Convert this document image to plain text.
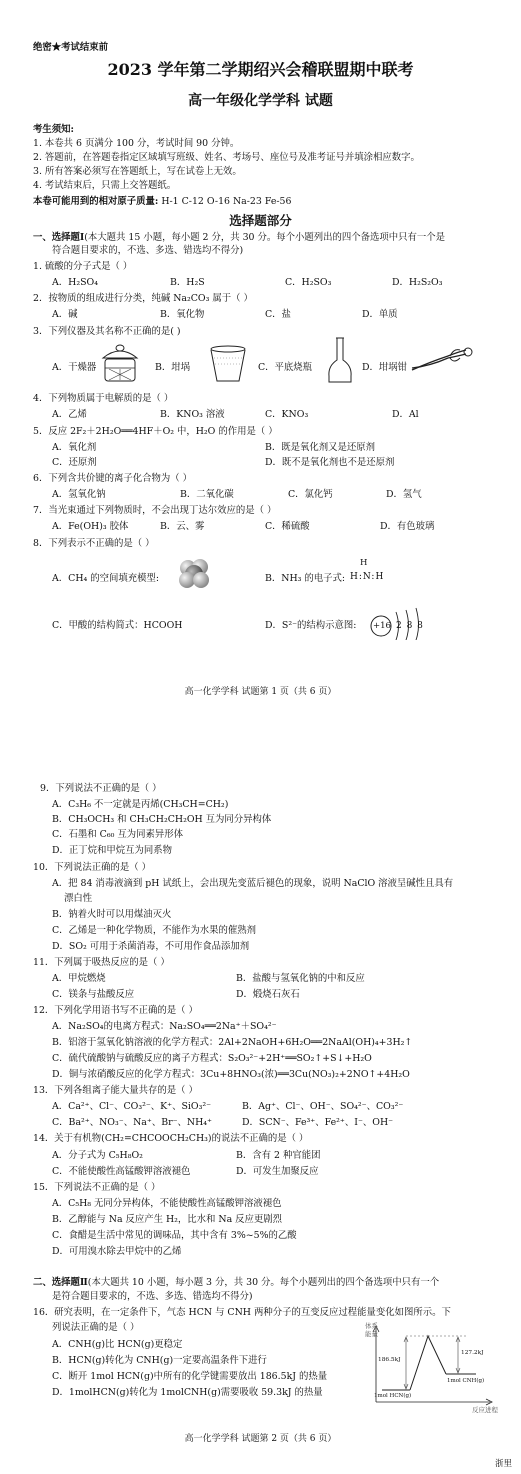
绝密★考试结束前
2023 学年第二学期绍兴会稽联盟期中联考
高一年级化学学科 试题
考生须知:
1. 本卷共 6 页满分 100 分，考试时间 90 分钟。
2. 答题前，在答题卷指定区域填写班级、姓名、考场号、座位号及准考证号并填涂相应数字。
3. 所有答案必须写在答题纸上，写在试卷上无效。
4. 考试结束后，只需上交答题纸。
本卷可能用到的相对原子质量: H-1 C-12 O-16 Na-23 Fe-56
选择题部分
一、选择题Ⅰ(本大题共 15 小题，每小题 2 分，共 30 分。每个小题列出的四个备选项中只有一个是
符合题目要求的，不选、多选、错选均不得分)
1. 硫酸的分子式是（ ）
A．H₂SO₄	B．H₂S	C．H₂SO₃	D．H₂S₂O₃
2．按物质的组成进行分类，纯碱 Na₂CO₃ 属于（ ）
A．碱	B．氧化物	C．盐	D．单质
3．下列仪器及其名称不正确的是( )
A．干燥器	B．坩埚	C．平底烧瓶	D．坩埚钳
4．下列物质属于电解质的是（ ）
A．乙烯	B．KNO₃ 溶液	C．KNO₃	D．Al
5．反应 2F₂＋2H₂O══4HF＋O₂ 中，H₂O 的作用是（ ）
A．氧化剂	B．既是氧化剂又是还原剂
C．还原剂	D．既不是氧化剂也不是还原剂
6．下列含共价键的离子化合物为（ ）
A．氢氧化钠	B．二氧化碳	C．氯化钙	D．氢气
7．当光束通过下列物质时，不会出现丁达尔效应的是（ ）
A．Fe(OH)₃ 胶体	B．云、雾	C．稀硫酸	D．有色玻璃
8．下列表示不正确的是（ ）
A．CH₄ 的空间填充模型:	B．NH₃ 的电子式:
H
H:N:H
C．甲酸的结构简式：HCOOH	D．S²⁻的结构示意图: +16 2 8 8
高一化学学科 试题第 1 页（共 6 页）
9．下列说法不正确的是（ ）
A．C₃H₆ 不一定就是丙烯(CH₃CH=CH₂)
B．CH₃OCH₃ 和 CH₃CH₂CH₂OH 互为同分异构体
C．石墨和 C₆₀ 互为同素异形体
D．正丁烷和甲烷互为同系物
10．下列说法正确的是（ ）
A．把 84 消毒液滴到 pH 试纸上，会出现先变蓝后褪色的现象，说明 NaClO 溶液呈碱性且具有
漂白性
B．钠着火时可以用煤油灭火
C．乙烯是一种化学物质，不能作为水果的催熟剂
D．SO₂ 可用于杀菌消毒，不可用作食品添加剂
11．下列属于吸热反应的是（ ）
A．甲烷燃烧	B．盐酸与氢氧化钠的中和反应
C．镁条与盐酸反应	D．煅烧石灰石
12．下列化学用语书写不正确的是（ ）
A．Na₂SO₄的电离方程式：Na₂SO₄══2Na⁺＋SO₄²⁻
B．铝溶于氢氧化钠溶液的化学方程式：2Al+2NaOH+6H₂O══2NaAl(OH)₄+3H₂↑
C．硫代硫酸钠与硫酸反应的离子方程式：S₂O₃²⁻+2H⁺══SO₂↑+S↓+H₂O
D．铜与浓硝酸反应的化学方程式：3Cu+8HNO₃(浓)══3Cu(NO₃)₂+2NO↑+4H₂O
13．下列各组离子能大量共存的是（ ）
A．Ca²⁺、Cl⁻、CO₃²⁻、K⁺、SiO₃²⁻	B．Ag⁺、Cl⁻、OH⁻、SO₄²⁻、CO₃²⁻
C．Ba²⁺、NO₃⁻、Na⁺、Br⁻、NH₄⁺	D．SCN⁻、Fe³⁺、Fe²⁺、I⁻、OH⁻
14．关于有机物(CH₂=CHCOOCH₂CH₃)的说法不正确的是（ ）
A．分子式为 C₅H₈O₂	B．含有 2 种官能团
C．不能使酸性高锰酸钾溶液褪色	D．可发生加聚反应
15．下列说法不正确的是（ ）
A．C₅H₈ 无同分异构体，不能使酸性高锰酸钾溶液褪色
B．乙醇能与 Na 反应产生 H₂，比水和 Na 反应更剧烈
C．食醋是生活中常见的调味品，其中含有 3%~5%的乙酸
D．可用溴水除去甲烷中的乙烯
二、选择题Ⅱ(本大题共 10 小题，每小题 3 分，共 30 分。每个小题列出的四个备选项中只有一个
是符合题目要求的，不选、多选、错选均不得分)
16．研究表明，在一定条件下，气态 HCN 与 CNH 两种分子的互变反应过程能量变化如图所示。下
列说法正确的是（ ）
A．CNH(g)比 HCN(g)更稳定
B．HCN(g)转化为 CNH(g)一定要高温条件下进行
C．断开 1mol HCN(g)中所有的化学键需要放出 186.5kJ 的热量
D．1molHCN(g)转化为 1molCNH(g)需要吸收 59.3kJ 的热量
体系
能量
186.5kJ
127.2kJ
1mol HCN(g)
1mol CNH(g)
反应进程
高一化学学科 试题第 2 页（共 6 页）
浙里
